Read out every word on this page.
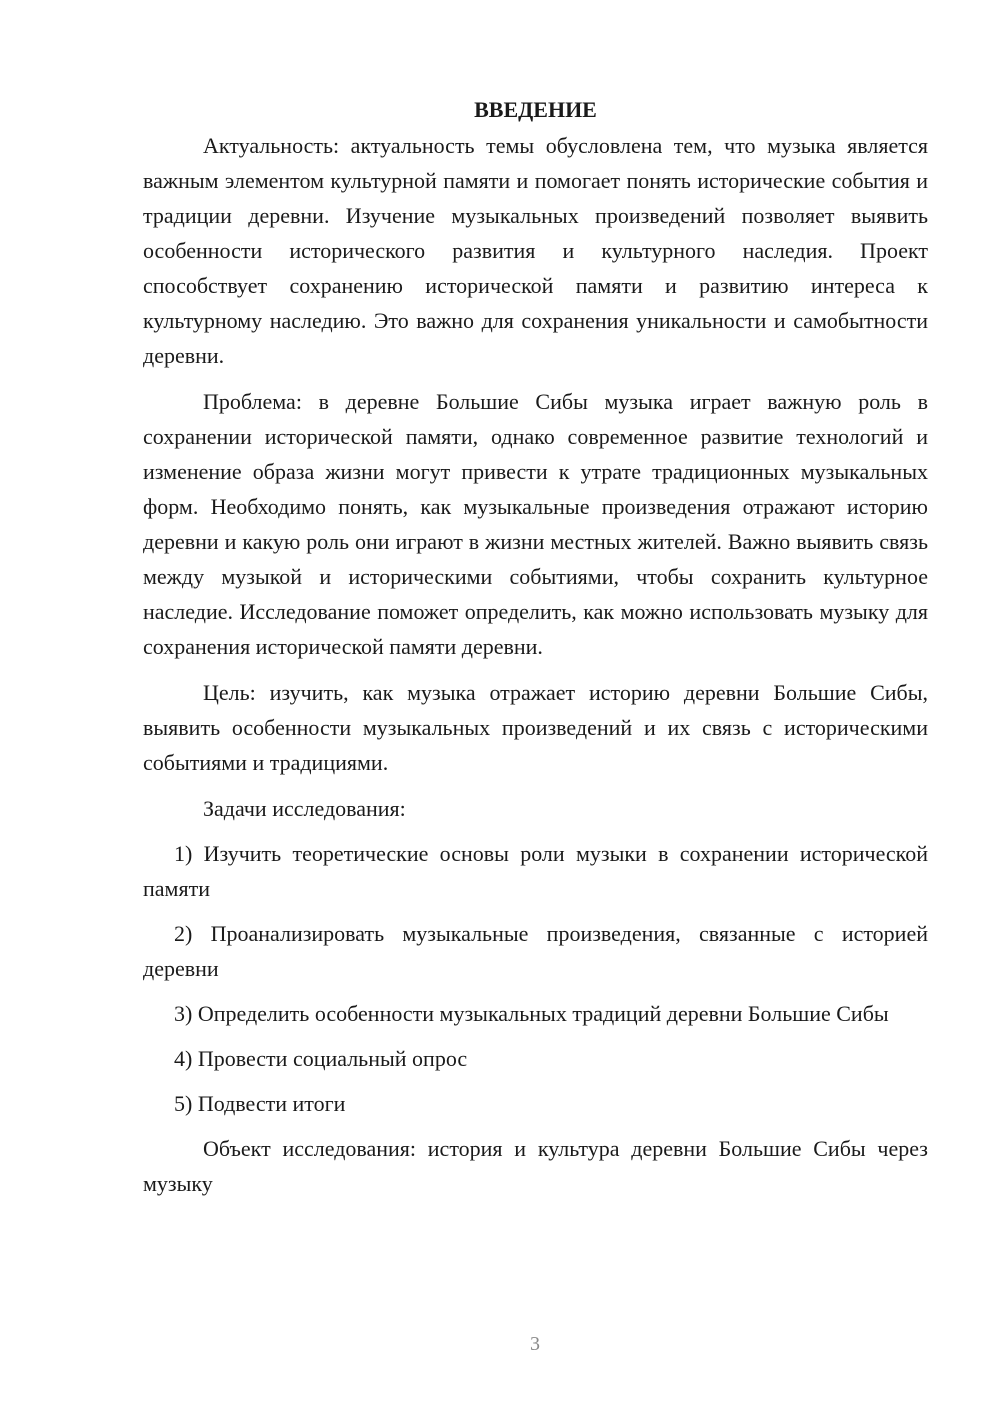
ВВЕДЕНИЕ

Актуальность: актуальность темы обусловлена тем, что музыка является важным элементом культурной памяти и помогает понять исторические события и традиции деревни. Изучение музыкальных произведений позволяет выявить особенности исторического развития и культурного наследия. Проект способствует сохранению исторической памяти и развитию интереса к культурному наследию. Это важно для сохранения уникальности и самобытности деревни.

Проблема: в деревне Большие Сибы музыка играет важную роль в сохранении исторической памяти, однако современное развитие технологий и изменение образа жизни могут привести к утрате традиционных музыкальных форм. Необходимо понять, как музыкальные произведения отражают историю деревни и какую роль они играют в жизни местных жителей. Важно выявить связь между музыкой и историческими событиями, чтобы сохранить культурное наследие. Исследование поможет определить, как можно использовать музыку для сохранения исторической памяти деревни.

Цель: изучить, как музыка отражает историю деревни Большие Сибы, выявить особенности музыкальных произведений и их связь с историческими событиями и традициями.

Задачи исследования:

1) Изучить теоретические основы роли музыки в сохранении исторической памяти

2) Проанализировать музыкальные произведения, связанные с историей деревни

3) Определить особенности музыкальных традиций деревни Большие Сибы

4) Провести социальный опрос

5) Подвести итоги

Объект исследования: история и культура деревни Большие Сибы через музыку

3
